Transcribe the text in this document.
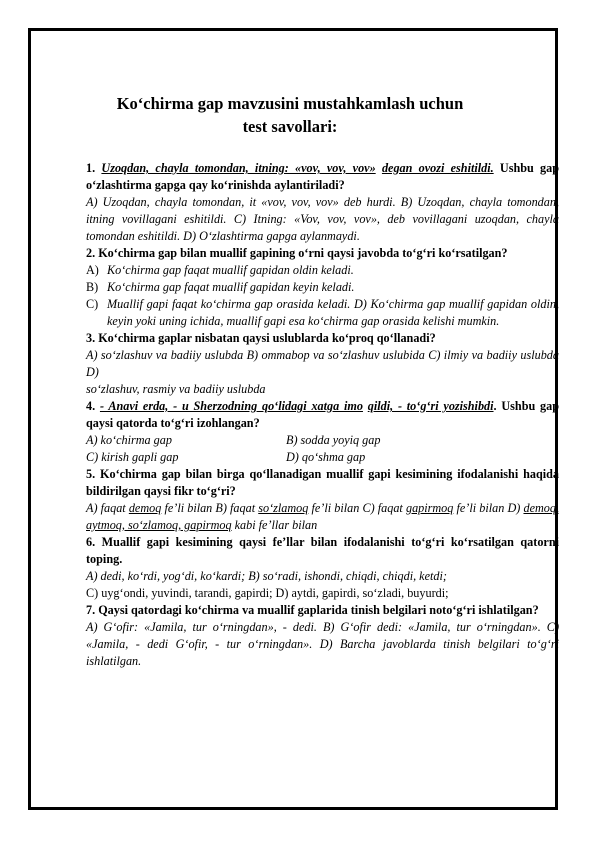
Ko‘chirma gap mavzusini mustahkamlash uchun test savollari:
1. Uzoqdan, chayla tomondan, itning: «vov, vov, vov» degan ovozi eshitildi. Ushbu gap o‘zlashtirma gapga qay ko‘rinishda aylantiriladi?
A) Uzoqdan, chayla tomondan, it «vov, vov, vov» deb hurdi. B) Uzoqdan, chayla tomondan, itning vovillagani eshitildi. C) Itning: «Vov, vov, vov», deb vovillagani uzoqdan, chayla tomondan eshitildi. D) O‘zlashtirma gapga aylanmaydi.
2. Ko‘chirma gap bilan muallif gapining o‘rni qaysi javobda to‘g‘ri ko‘rsatilgan?
A) Ko‘chirma gap faqat muallif gapidan oldin keladi.
B) Ko‘chirma gap faqat muallif gapidan keyin keladi.
C) Muallif gapi faqat ko‘chirma gap orasida keladi. D) Ko‘chirma gap muallif gapidan oldin, keyin yoki uning ichida, muallif gapi esa ko‘chirma gap orasida kelishi mumkin.
3. Ko‘chirma gaplar nisbatan qaysi uslublarda ko‘proq qo‘llanadi?
A) so‘zlashuv va badiiy uslubda B) ommabop va so‘zlashuv uslubida C) ilmiy va badiiy uslubda D)
so‘zlashuv, rasmiy va badiiy uslubda
4. - Anavi erda, - u Sherzodning qo‘lidagi xatga imo qildi, - to‘g‘ri yozishibdi. Ushbu gap qaysi qatorda to‘g‘ri izohlangan?
A) ko‘chirma gap	B) sodda yoyiq gap
C) kirish gapli gap	D) qo‘shma gap
5. Ko‘chirma gap bilan birga qo‘llanadigan muallif gapi kesimining ifodalanishi haqida bildirilgan qaysi fikr to‘g‘ri?
A) faqat demoq fe’li bilan B) faqat so‘zlamoq fe’li bilan C) faqat gapirmoq fe’li bilan D) demoq, aytmoq, so‘zlamoq, gapirmoq kabi fe’llar bilan
6. Muallif gapi kesimining qaysi fe’llar bilan ifodalanishi to‘g‘ri ko‘rsatilgan qatorni toping.
A) dedi, ko‘rdi, yog‘di, ko‘kardi; B) so‘radi, ishondi, chiqdi, chiqdi, ketdi;
C) uyg‘ondi, yuvindi, tarandi, gapirdi; D) aytdi, gapirdi, so‘zladi, buyurdi;
7. Qaysi qatordagi ko‘chirma va muallif gaplarida tinish belgilari noto‘g‘ri ishlatilgan?
A) G‘ofir: «Jamila, tur o‘rningdan», - dedi. B) G‘ofir dedi: «Jamila, tur o‘rningdan». C) «Jamila, - dedi G‘ofir, - tur o‘rningdan». D) Barcha javoblarda tinish belgilari to‘g‘ri ishlatilgan.
